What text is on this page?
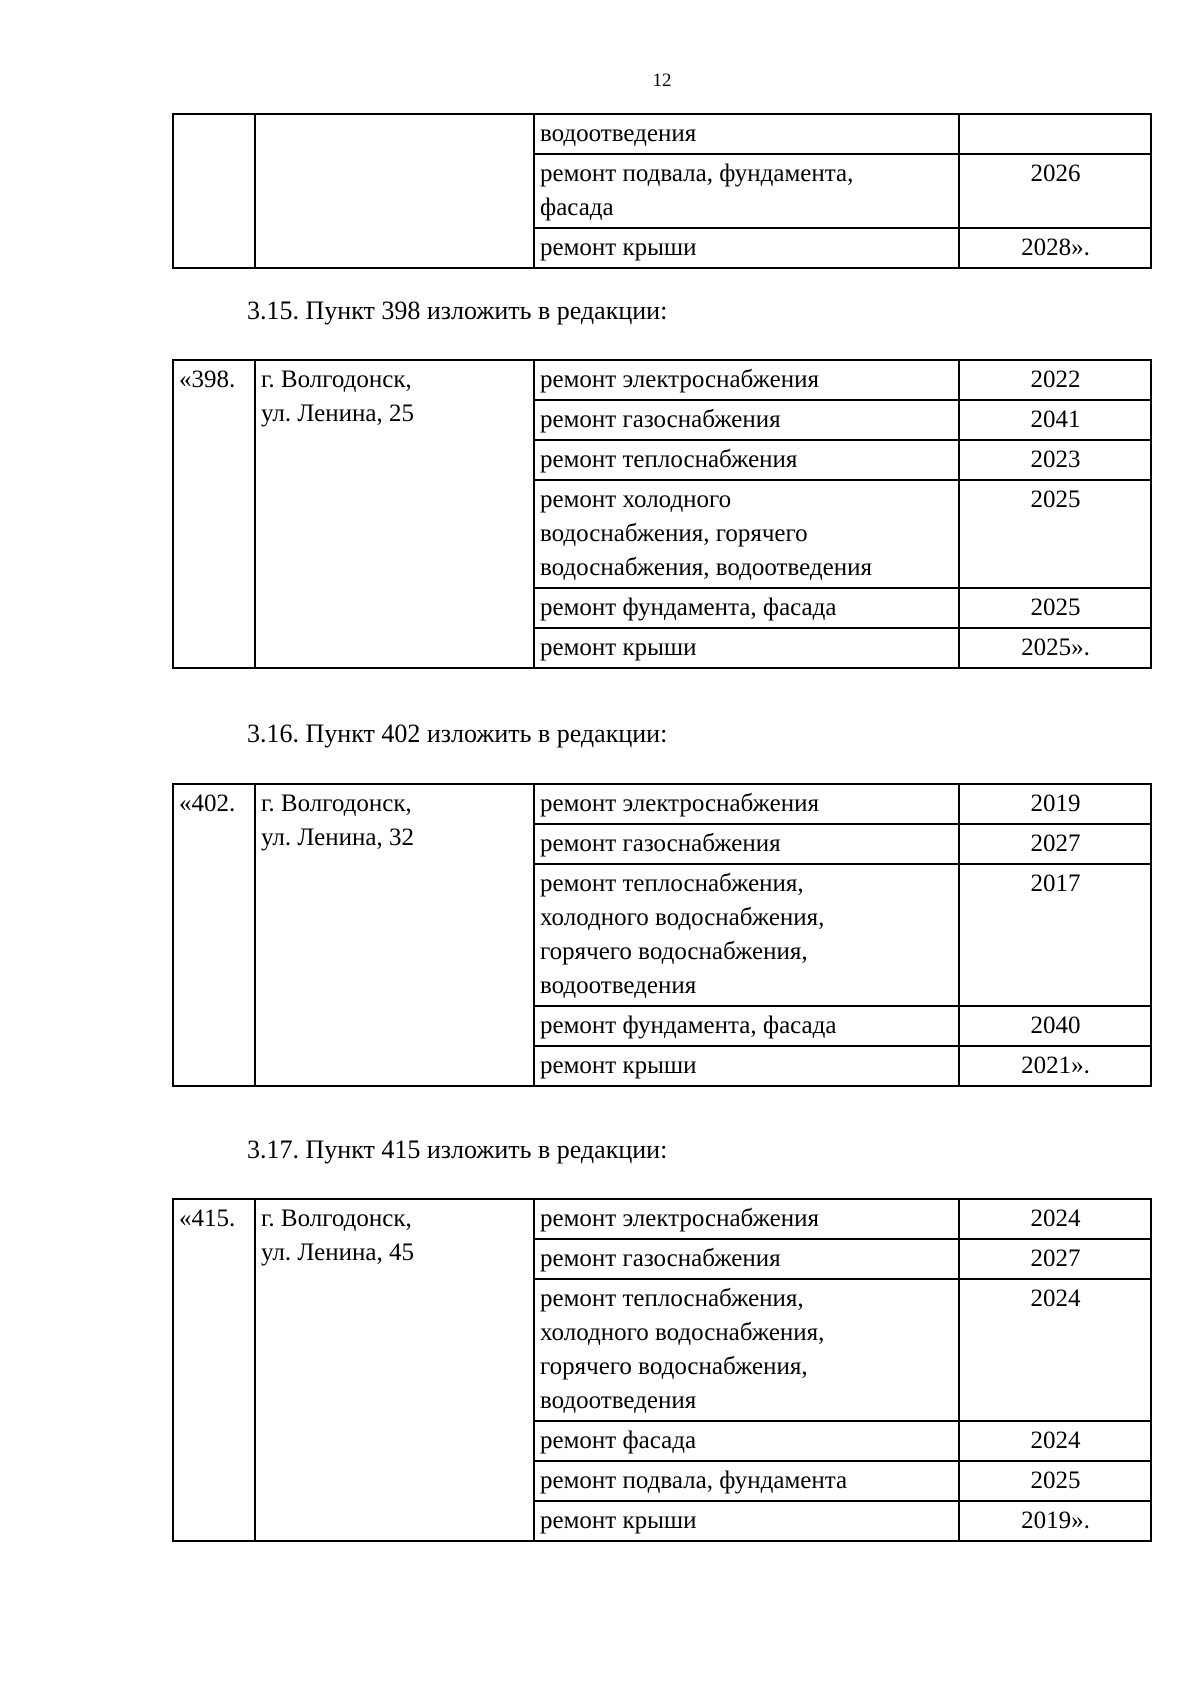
12

		водоотведения	

		ремонт подвала, фундамента,
фасада	2026

		ремонт крыши	2028».
3.15. Пункт 398 изложить в редакции:
«398.	г. Волгодонск,
ул. Ленина, 25	ремонт электроснабжения	2022

		ремонт газоснабжения	2041

		ремонт теплоснабжения	2023

		ремонт холодного
водоснабжения, горячего
водоснабжения, водоотведения	2025

		ремонт фундамента, фасада	2025

		ремонт крыши	2025».
3.16. Пункт 402 изложить в редакции:
«402.	г. Волгодонск,
ул. Ленина, 32	ремонт электроснабжения	2019

		ремонт газоснабжения	2027

		ремонт теплоснабжения,
холодного водоснабжения,
горячего водоснабжения,
водоотведения	2017

		ремонт фундамента, фасада	2040

		ремонт крыши	2021».
3.17. Пункт 415 изложить в редакции:
«415.	г. Волгодонск,
ул. Ленина, 45	ремонт электроснабжения	2024

		ремонт газоснабжения	2027

		ремонт теплоснабжения,
холодного водоснабжения,
горячего водоснабжения,
водоотведения	2024

		ремонт фасада	2024

		ремонт подвала, фундамента	2025

		ремонт крыши	2019».
